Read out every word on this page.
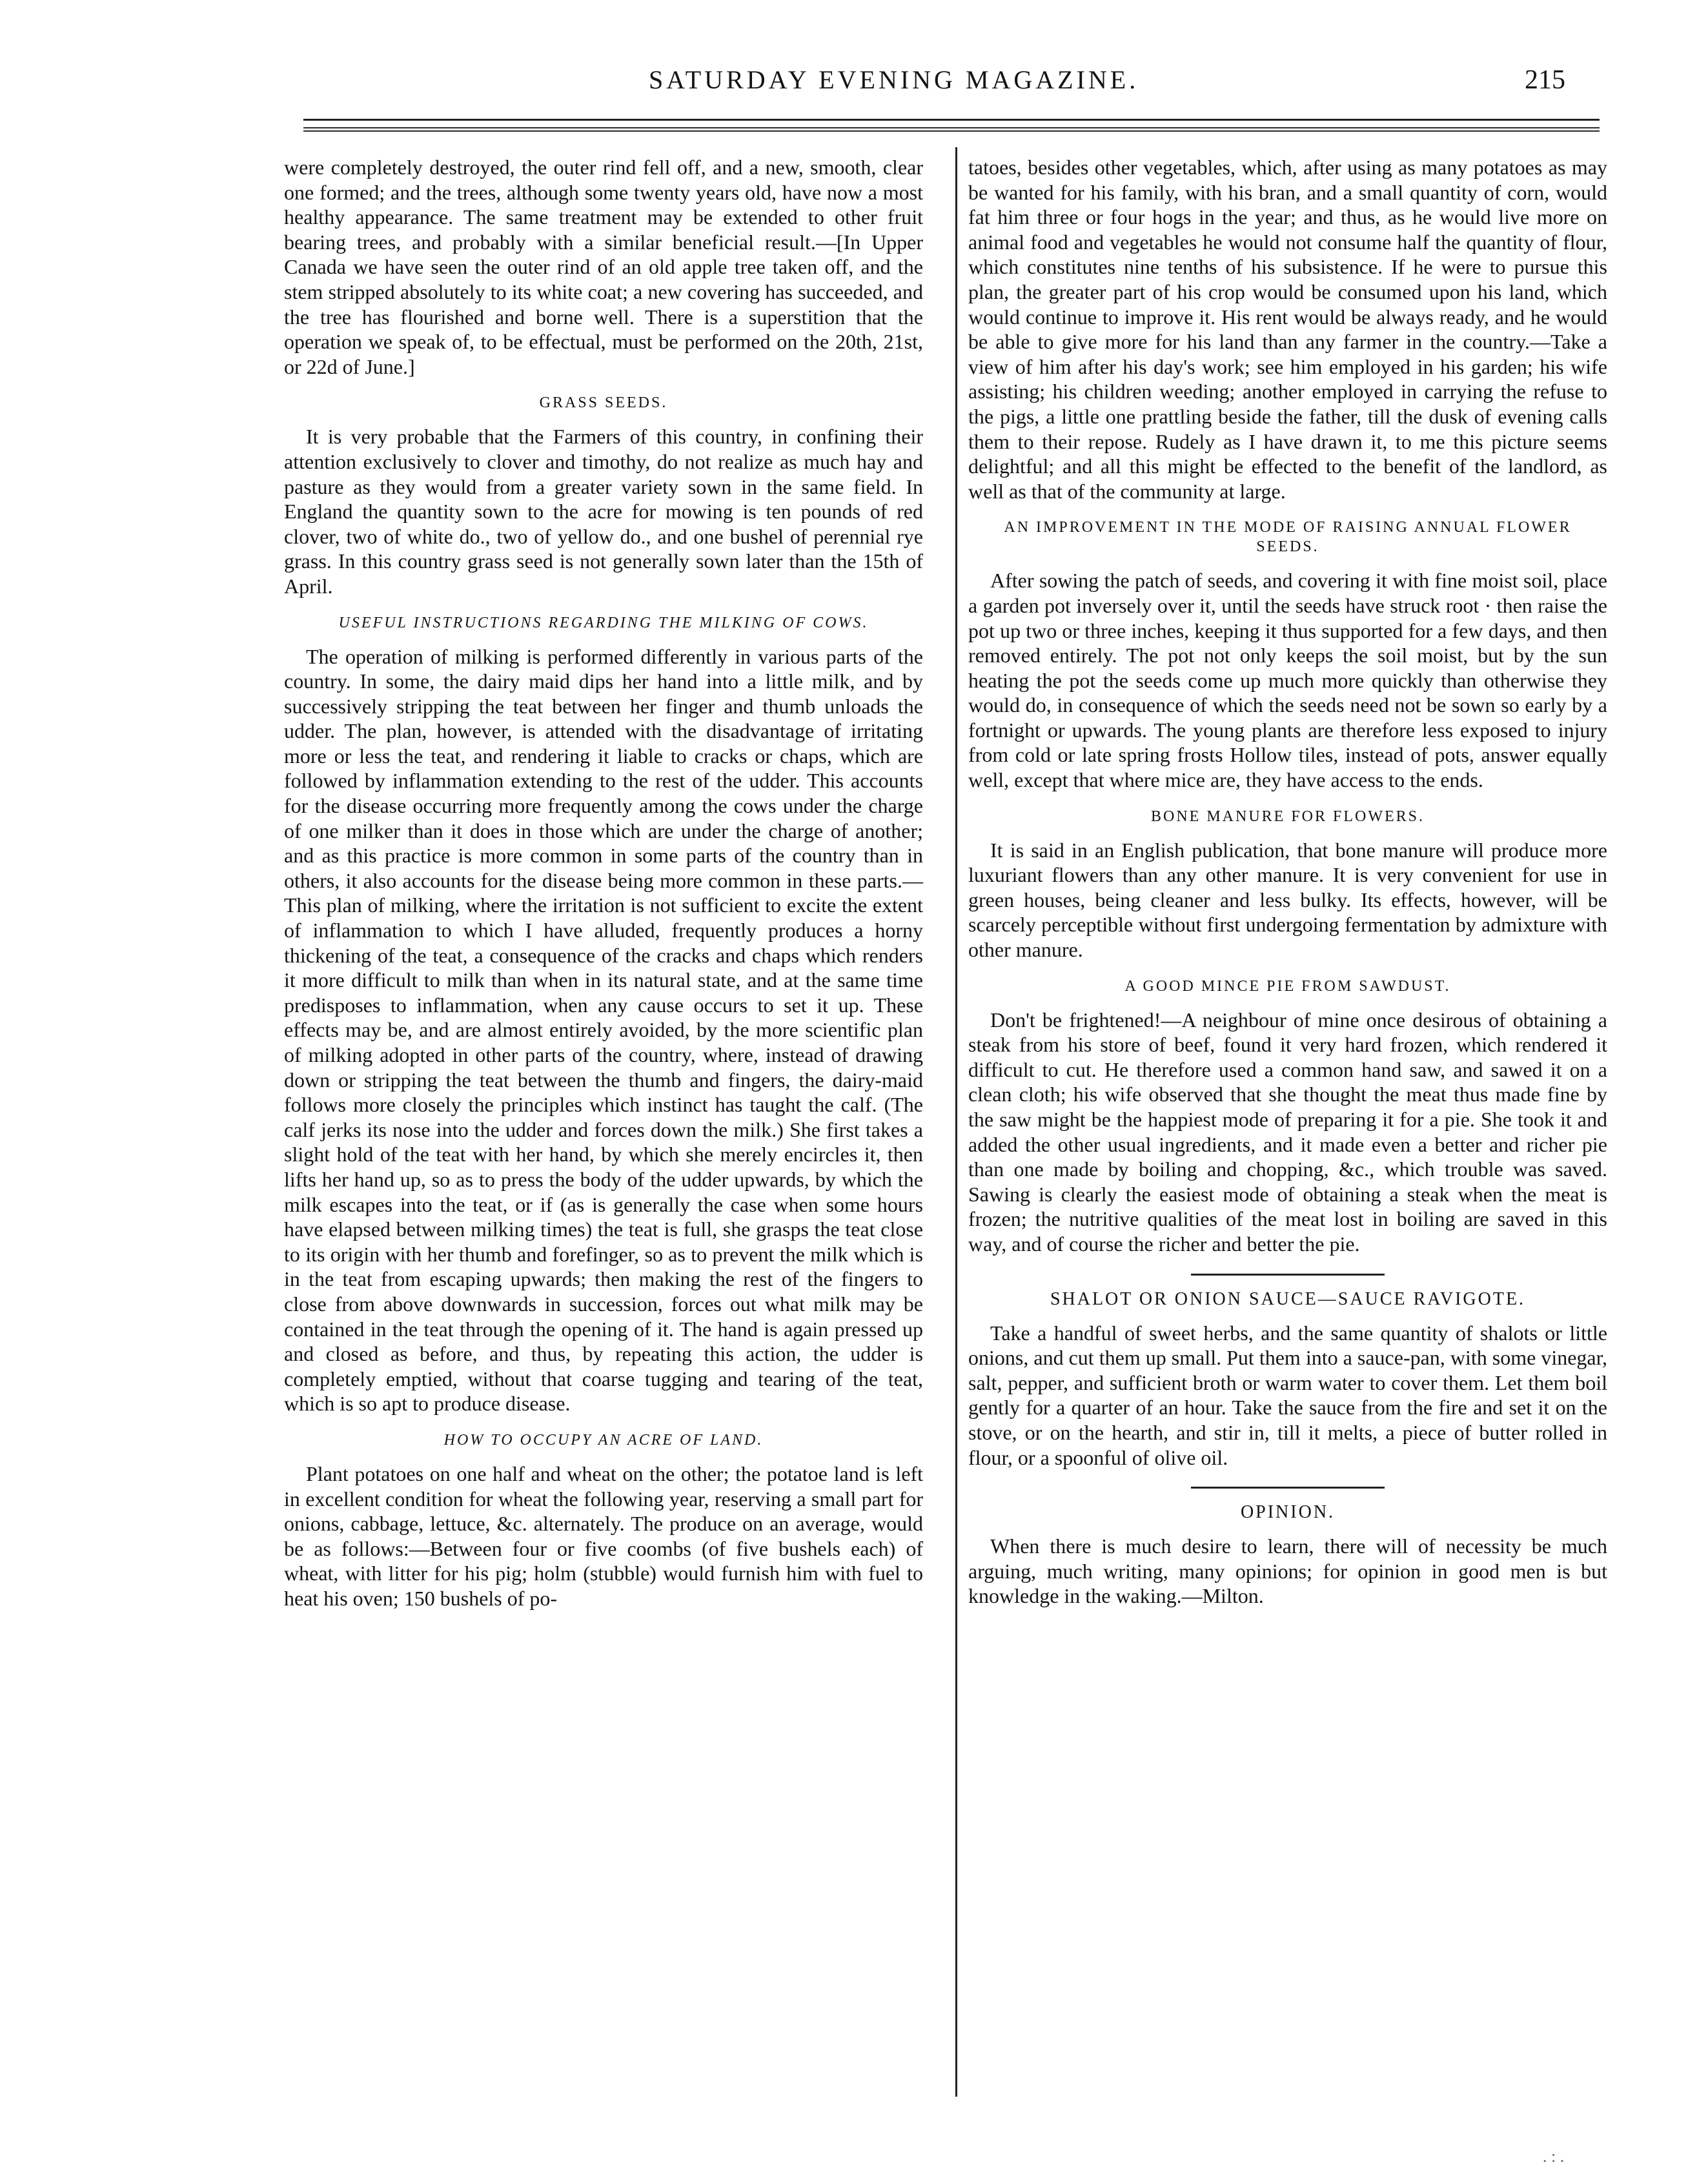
SATURDAY EVENING MAGAZINE.	215

were completely destroyed, the outer rind fell off, and a new, smooth, clear one formed; and the trees, although some twenty years old, have now a most healthy appearance. The same treatment may be extended to other fruit bearing trees, and probably with a similar beneficial result.—[In Upper Canada we have seen the outer rind of an old apple tree taken off, and the stem stripped absolutely to its white coat; a new covering has succeeded, and the tree has flourished and borne well. There is a superstition that the operation we speak of, to be effectual, must be performed on the 20th, 21st, or 22d of June.]

GRASS SEEDS.

It is very probable that the Farmers of this country, in confining their attention exclusively to clover and timothy, do not realize as much hay and pasture as they would from a greater variety sown in the same field. In England the quantity sown to the acre for mowing is ten pounds of red clover, two of white do., two of yellow do., and one bushel of perennial rye grass. In this country grass seed is not generally sown later than the 15th of April.

USEFUL INSTRUCTIONS REGARDING THE MILKING OF COWS.

The operation of milking is performed differently in various parts of the country. In some, the dairy maid dips her hand into a little milk, and by successively stripping the teat between her finger and thumb unloads the udder. The plan, however, is attended with the disadvantage of irritating more or less the teat, and rendering it liable to cracks or chaps, which are followed by inflammation extending to the rest of the udder. This accounts for the disease occurring more frequently among the cows under the charge of one milker than it does in those which are under the charge of another; and as this practice is more common in some parts of the country than in others, it also accounts for the disease being more common in these parts.—This plan of milking, where the irritation is not sufficient to excite the extent of inflammation to which I have alluded, frequently produces a horny thickening of the teat, a consequence of the cracks and chaps which renders it more difficult to milk than when in its natural state, and at the same time predisposes to inflammation, when any cause occurs to set it up. These effects may be, and are almost entirely avoided, by the more scientific plan of milking adopted in other parts of the country, where, instead of drawing down or stripping the teat between the thumb and fingers, the dairy-maid follows more closely the principles which instinct has taught the calf. (The calf jerks its nose into the udder and forces down the milk.) She first takes a slight hold of the teat with her hand, by which she merely encircles it, then lifts her hand up, so as to press the body of the udder upwards, by which the milk escapes into the teat, or if (as is generally the case when some hours have elapsed between milking times) the teat is full, she grasps the teat close to its origin with her thumb and forefinger, so as to prevent the milk which is in the teat from escaping upwards; then making the rest of the fingers to close from above downwards in succession, forces out what milk may be contained in the teat through the opening of it. The hand is again pressed up and closed as before, and thus, by repeating this action, the udder is completely emptied, without that coarse tugging and tearing of the teat, which is so apt to produce disease.

HOW TO OCCUPY AN ACRE OF LAND.

Plant potatoes on one half and wheat on the other; the potatoe land is left in excellent condition for wheat the following year, reserving a small part for onions, cabbage, lettuce, &c. alternately. The produce on an average, would be as follows:—Between four or five coombs (of five bushels each) of wheat, with litter for his pig; holm (stubble) would furnish him with fuel to heat his oven; 150 bushels of po-

tatoes, besides other vegetables, which, after using as many potatoes as may be wanted for his family, with his bran, and a small quantity of corn, would fat him three or four hogs in the year; and thus, as he would live more on animal food and vegetables he would not consume half the quantity of flour, which constitutes nine tenths of his subsistence. If he were to pursue this plan, the greater part of his crop would be consumed upon his land, which would continue to improve it. His rent would be always ready, and he would be able to give more for his land than any farmer in the country.—Take a view of him after his day's work; see him employed in his garden; his wife assisting; his children weeding; another employed in carrying the refuse to the pigs, a little one prattling beside the father, till the dusk of evening calls them to their repose. Rudely as I have drawn it, to me this picture seems delightful; and all this might be effected to the benefit of the landlord, as well as that of the community at large.

AN IMPROVEMENT IN THE MODE OF RAISING ANNUAL FLOWER
SEEDS.

After sowing the patch of seeds, and covering it with fine moist soil, place a garden pot inversely over it, until the seeds have struck root · then raise the pot up two or three inches, keeping it thus supported for a few days, and then removed entirely. The pot not only keeps the soil moist, but by the sun heating the pot the seeds come up much more quickly than otherwise they would do, in consequence of which the seeds need not be sown so early by a fortnight or upwards. The young plants are therefore less exposed to injury from cold or late spring frosts Hollow tiles, instead of pots, answer equally well, except that where mice are, they have access to the ends.

BONE MANURE FOR FLOWERS.

It is said in an English publication, that bone manure will produce more luxuriant flowers than any other manure. It is very convenient for use in green houses, being cleaner and less bulky. Its effects, however, will be scarcely perceptible without first undergoing fermentation by admixture with other manure.

A GOOD MINCE PIE FROM SAWDUST.

Don't be frightened!—A neighbour of mine once desirous of obtaining a steak from his store of beef, found it very hard frozen, which rendered it difficult to cut. He therefore used a common hand saw, and sawed it on a clean cloth; his wife observed that she thought the meat thus made fine by the saw might be the happiest mode of preparing it for a pie. She took it and added the other usual ingredients, and it made even a better and richer pie than one made by boiling and chopping, &c., which trouble was saved. Sawing is clearly the easiest mode of obtaining a steak when the meat is frozen; the nutritive qualities of the meat lost in boiling are saved in this way, and of course the richer and better the pie.

SHALOT OR ONION SAUCE—SAUCE RAVIGOTE.

Take a handful of sweet herbs, and the same quantity of shalots or little onions, and cut them up small. Put them into a sauce-pan, with some vinegar, salt, pepper, and sufficient broth or warm water to cover them. Let them boil gently for a quarter of an hour. Take the sauce from the fire and set it on the stove, or on the hearth, and stir in, till it melts, a piece of butter rolled in flour, or a spoonful of olive oil.

OPINION.

When there is much desire to learn, there will of necessity be much arguing, much writing, many opinions; for opinion in good men is but knowledge in the waking.—Milton.

. : .
